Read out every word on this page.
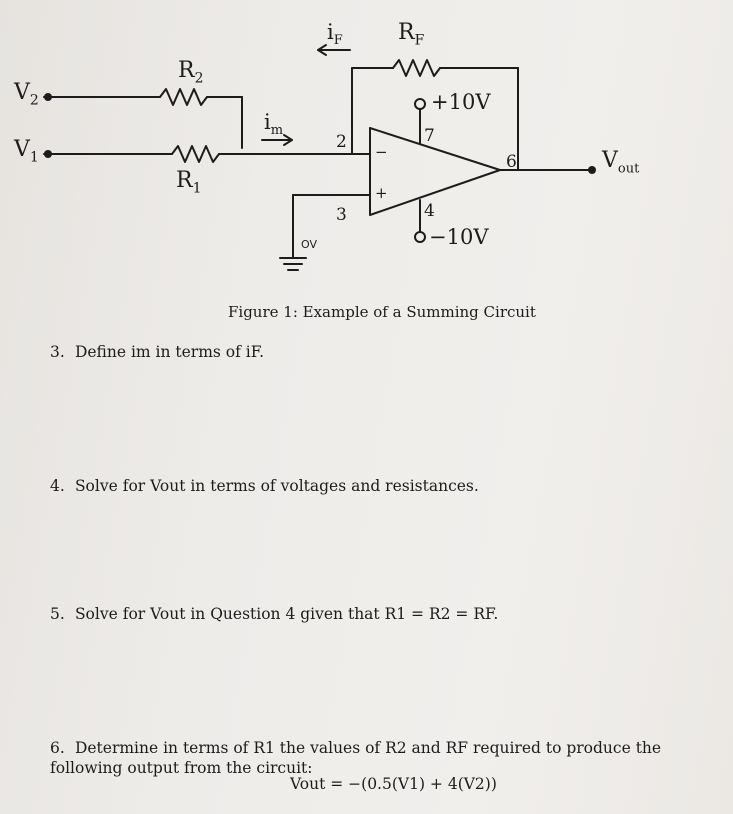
$V_2$
$V_1$
$R_2$
$R_1$
$R_F$
$i_F$
$i_m$
$V_{out}$
+10V
−10V
2
3	4
6
7
−
+
OV
Figure 1: Example of a Summing Circuit
3. Define im in terms of iF.
4. Solve for Vout in terms of voltages and resistances.
5. Solve for Vout in Question 4 given that R1 = R2 = RF.
6. Determine in terms of R1 the values of R2 and RF required to produce the following output from the circuit:
Vout = −(0.5(V1) + 4(V2))
